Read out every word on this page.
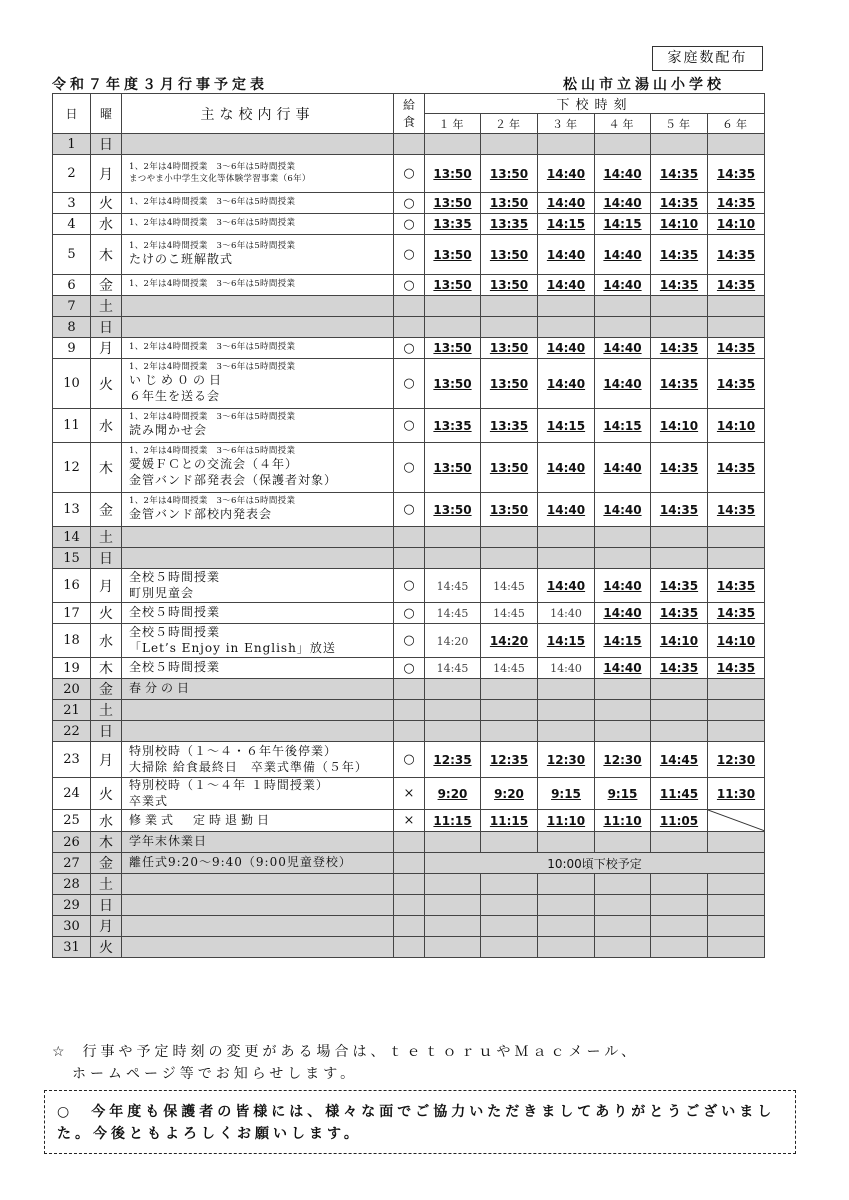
家庭数配布
令和７年度３月行事予定表	松山市立湯山小学校
日	曜	主な校内行事	給
食	下校時刻					
				１年	２年	３年	４年	５年	６年
1	日								
2	月	1、2年は4時間授業　3～6年は5時間授業
まつやま小中学生文化等体験学習事業（6年）	○	13:50	13:50	14:40	14:40	14:35	14:35
3	火	1、2年は4時間授業　3～6年は5時間授業	○	13:50	13:50	14:40	14:40	14:35	14:35
4	水	1、2年は4時間授業　3～6年は5時間授業	○	13:35	13:35	14:15	14:15	14:10	14:10
5	木	1、2年は4時間授業　3～6年は5時間授業
たけのこ班解散式	○	13:50	13:50	14:40	14:40	14:35	14:35
6	金	1、2年は4時間授業　3～6年は5時間授業	○	13:50	13:50	14:40	14:40	14:35	14:35
7	土								
8	日								
9	月	1、2年は4時間授業　3～6年は5時間授業	○	13:50	13:50	14:40	14:40	14:35	14:35
10	火	1、2年は4時間授業　3～6年は5時間授業
いじめ０の日
６年生を送る会	○	13:50	13:50	14:40	14:40	14:35	14:35
11	水	1、2年は4時間授業　3～6年は5時間授業
読み聞かせ会	○	13:35	13:35	14:15	14:15	14:10	14:10
12	木	1、2年は4時間授業　3～6年は5時間授業
愛媛ＦＣとの交流会（４年）
金管バンド部発表会（保護者対象）	○	13:50	13:50	14:40	14:40	14:35	14:35
13	金	1、2年は4時間授業　3～6年は5時間授業
金管バンド部校内発表会	○	13:50	13:50	14:40	14:40	14:35	14:35
14	土								
15	日								
16	月	全校５時間授業
町別児童会	○	14:45	14:45	14:40	14:40	14:35	14:35
17	火	全校５時間授業	○	14:45	14:45	14:40	14:40	14:35	14:35
18	水	全校５時間授業
「Let’s Enjoy in English」放送	○	14:20	14:20	14:15	14:15	14:10	14:10
19	木	全校５時間授業	○	14:45	14:45	14:40	14:40	14:35	14:35
20	金	春分の日							

21	土								
22	日								
23	月	特別校時（１～４・６年午後停業）
大掃除 給食最終日　卒業式準備（５年）	○	12:35	12:35	12:30	12:30	14:45	12:30
24	火	特別校時（１～４年 １時間授業）
卒業式	×	9:20	9:20	9:15	9:15	11:45	11:30
25	水	修業式　定時退勤日	×	11:15	11:15	11:10	11:10	11:05	

26	木	学年末休業日							

27	金	離任式9:20～9:40（9:00児童登校）		10:00頃下校予定					
28	土								
29	日								
30	月								
31	火								
☆ 行事や予定時刻の変更がある場合は、ｔｅｔｏｒｕやＭａｃメール、
ホームページ等でお知らせします。
○　今年度も保護者の皆様には、様々な面でご協力いただきましてありがとうございました。今後ともよろしくお願いします。
